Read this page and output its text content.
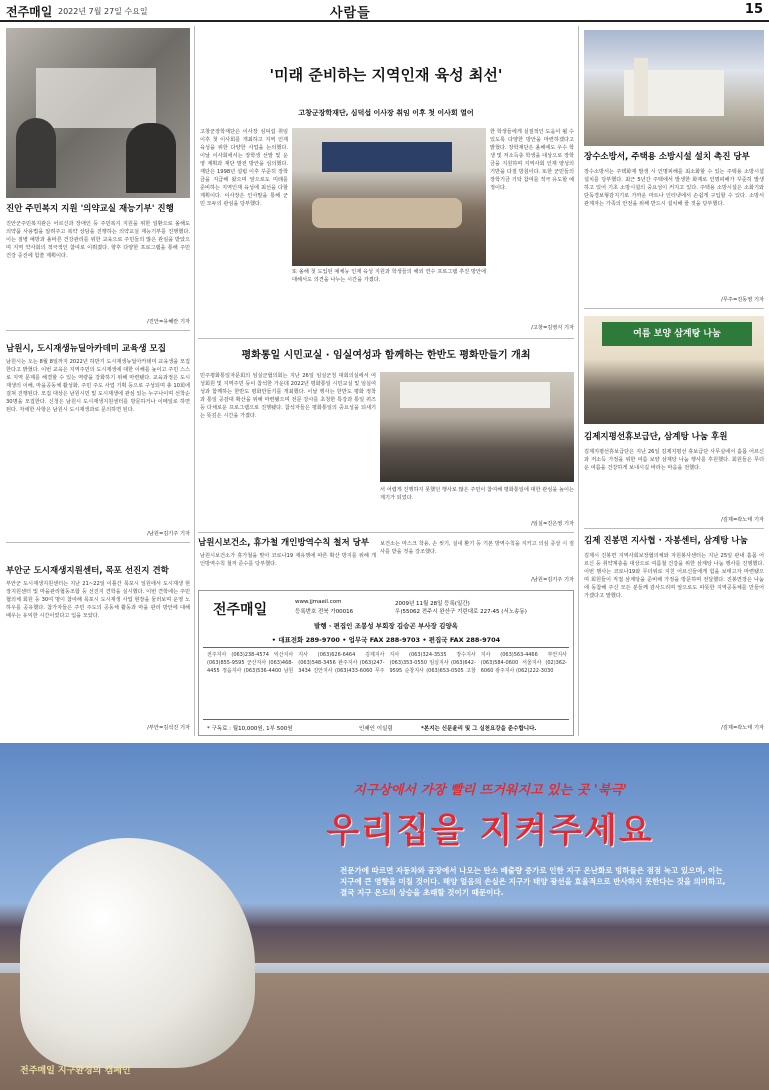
전주매일 2022년 7월 27일 수요일	사람들	15
진안 주민복지 지원 '의약교실 재능기부' 진행
진안군주민복지관은 어르신과 장애인 등 주민복지 지원을 위한 일환으로 올해도 의약품 사용법을 알려주고 복약 상담을 진행하는 의약교실 재능기부를 진행했다. 이는 질병 예방과 올바른 건강관리를 위한 교육으로 주민들의 많은 관심을 받았으며 지역 약사회의 적극적인 참여로 이뤄졌다. 향후 다양한 프로그램을 통해 주민 건강 증진에 힘쓸 계획이다.
/진안=유혜란 기자
'미래 준비하는 지역인재 육성 최선'
고창군장학재단, 심덕섭 이사장 취임 이후 첫 이사회 열어
고창군장학재단은 이사장 심덕섭 취임 이후 첫 이사회를 개최하고 지역 인재 육성을 위한 다양한 사업을 논의했다. 이날 이사회에서는 장학생 선발 및 운영 계획과 재단 발전 방안을 심의했다. 재단은 1998년 설립 이후 꾸준히 장학금을 지급해 왔으며 앞으로도 미래를 준비하는 지역인재 육성에 최선을 다할 계획이다. 이사장은 인사말을 통해 군민 모두의 관심을 당부했다.
또 올해 첫 도입된 예체능 인재 육성 지원과 학생들의 해외 연수 프로그램 추진 방안에 대해서도 의견을 나누는 시간을 가졌다.
한 학생들에게 실질적인 도움이 될 수 있도록 다양한 방안을 마련하겠다고 밝혔다. 장학재단은 올해에도 우수 학생 및 저소득층 학생을 대상으로 장학금을 지원하며 지역사회 인재 양성의 기반을 다질 방침이다. 또한 군민들의 장학기금 기탁 참여를 적극 유도할 예정이다.
/고창=김영식 기자
남원시, 도시재생뉴딜아카데미 교육생 모집
남원시는 오는 8월 8일까지 2022년 하반기 도시재생뉴딜아카데미 교육생을 모집한다고 밝혔다. 이번 교육은 지역주민의 도시재생에 대한 이해를 높이고 주민 스스로 지역 문제를 해결할 수 있는 역량을 강화하기 위해 마련됐다. 교육과정은 도시재생의 이해, 마을공동체 활성화, 주민 주도 사업 기획 등으로 구성되며 총 10회에 걸쳐 진행된다. 모집 대상은 남원시민 및 도시재생에 관심 있는 누구나이며 선착순 30명을 모집한다. 신청은 남원시 도시재생지원센터를 방문하거나 이메일로 하면 된다. 자세한 사항은 남원시 도시재생과로 문의하면 된다.
/남원=김기주 기자
부안군 도시재생지원센터, 목포 선진지 견학
부안군 도시재생지원센터는 지난 21~22일 이틀간 목포시 일원에서 도시재생 현장지원센터 및 마을관리협동조합 등 선진지 견학을 실시했다. 이번 견학에는 주민협의체 회원 등 30여 명이 참여해 목포시 도시재생 사업 현장을 둘러보며 운영 노하우를 공유했다. 참가자들은 주민 주도의 공동체 활동과 마을 관리 방안에 대해 배우는 유익한 시간이었다고 입을 모았다.
/부안=김석진 기자
평화통일 시민교실 · 임실여성과 함께하는 한반도 평화만들기 개최
민주평화통일자문회의 임실군협의회는 지난 26일 임실군청 대회의실에서 여성회원 및 지역주민 등이 참석한 가운데 2022년 평화통일 시민교실 및 임실여성과 함께하는 한반도 평화만들기를 개최했다. 이날 행사는 한반도 평화 정착과 통일 공감대 확산을 위해 마련됐으며 전문 강사를 초청한 특강과 통일 퀴즈 등 다채로운 프로그램으로 진행됐다. 참석자들은 평화통일의 중요성을 되새기는 뜻깊은 시간을 가졌다.
서 어렵게 진행하지 못했던 행사로 많은 주민이 참여해 평화통일에 대한 관심을 높이는 계기가 되었다.
/임실=진은영 기자
남원시보건소, 휴가철 개인방역수칙 철저 당부
남원시보건소가 휴가철을 맞아 코로나19 재유행에 따른 확산 방지를 위해 개인방역수칙 철저 준수를 당부했다.
보건소는 마스크 착용, 손 씻기, 실내 환기 등 기본 방역수칙을 지키고 의심 증상 시 검사를 받을 것을 강조했다.
/남원=김기주 기자
전주매일	www.jjmaeil.com
등록번호 전북 가00016
2009년 11월 28일 등록(일간)
우)55062 전주시 완산구 기린대로 227-45 (서노송동)
발행 · 편집인 조봉성 부회장 김승곤 부사장 김양옥
• 대표전화 289-9700 • 업무국 FAX 288-9703 • 편집국 FAX 288-9704
전주지사 (063)238-4574 익산지사 (063)855-9595 군산지사 (063)468-4455 정읍지사 (063)536-4400 남원지사 (063)626-6464 김제지사 (063)548-3456 완주지사 (063)247-3434 진안지사 (063)433-6060 무주지사 (063)324-3535 장수지사 (063)353-0550 임실지사 (063)642-9595 순창지사 (063)653-0505 고창지사 (063)563-4466 부안지사 (063)584-0600 서울지사 (02)362-6060 광주지사 (062)222-3030
* 구독료 : 월10,000원, 1부 500원	인쇄인 이실림	*본지는 신문윤리 및 그 실천요강을 준수합니다.
장수소방서, 주택용 소방시설 설치 촉진 당부
장수소방서는 주택화재 발생 시 인명피해를 최소화할 수 있는 주택용 소방시설 설치를 당부했다. 최근 5년간 주택에서 발생한 화재로 인명피해가 꾸준히 발생하고 있어 기초 소방시설의 중요성이 커지고 있다. 주택용 소방시설은 소화기와 단독경보형감지기로 가까운 마트나 인터넷에서 손쉽게 구입할 수 있다. 소방서 관계자는 가족의 안전을 위해 반드시 설치해 줄 것을 당부했다.
/무주=진동영 기자
여름 보양 삼계탕 나눔
김제지평선휴보급단, 삼계탕 나눔 후원
김제지평선휴보급단은 지난 26일 김제지평선 휴보급단 사무실에서 홀몸 어르신과 저소득 가정을 위한 여름 보양 삼계탕 나눔 행사를 후원했다. 회원들은 무더운 여름을 건강하게 보내시길 바라는 마음을 전했다.
/김제=곽노태 기자
김제 진봉면 지사협 · 자봉센터, 삼계탕 나눔
김제시 진봉면 지역사회보장협의체와 자원봉사센터는 지난 25일 관내 홀몸 어르신 등 취약계층을 대상으로 여름철 건강을 위한 삼계탕 나눔 행사를 진행했다. 이번 행사는 코로나19와 무더위로 지친 어르신들에게 힘을 보태고자 마련됐으며 회원들이 직접 삼계탕을 준비해 가정을 방문하며 전달했다. 진봉면장은 나눔에 동참해 주신 모든 분들께 감사드리며 앞으로도 따뜻한 지역공동체를 만들어 가겠다고 말했다.
/김제=곽노태 기자
지구상에서 가장 빨리 뜨거워지고 있는 곳 '북극'
우리집을 지켜주세요
전문가에 따르면 자동차와 공장에서 나오는 탄소 배출량 증가로 인한 지구 온난화로 빙하들은 점점 녹고 있으며, 이는 지구에 큰 영향을 미칠 것이다. 해양 얼음의 손실은 지구가 태양 광선을 효율적으로 반사하지 못한다는 것을 의미하고, 결국 지구 온도의 상승을 초래할 것이기 때문이다.
전주매일 지구환경의 캠페인
